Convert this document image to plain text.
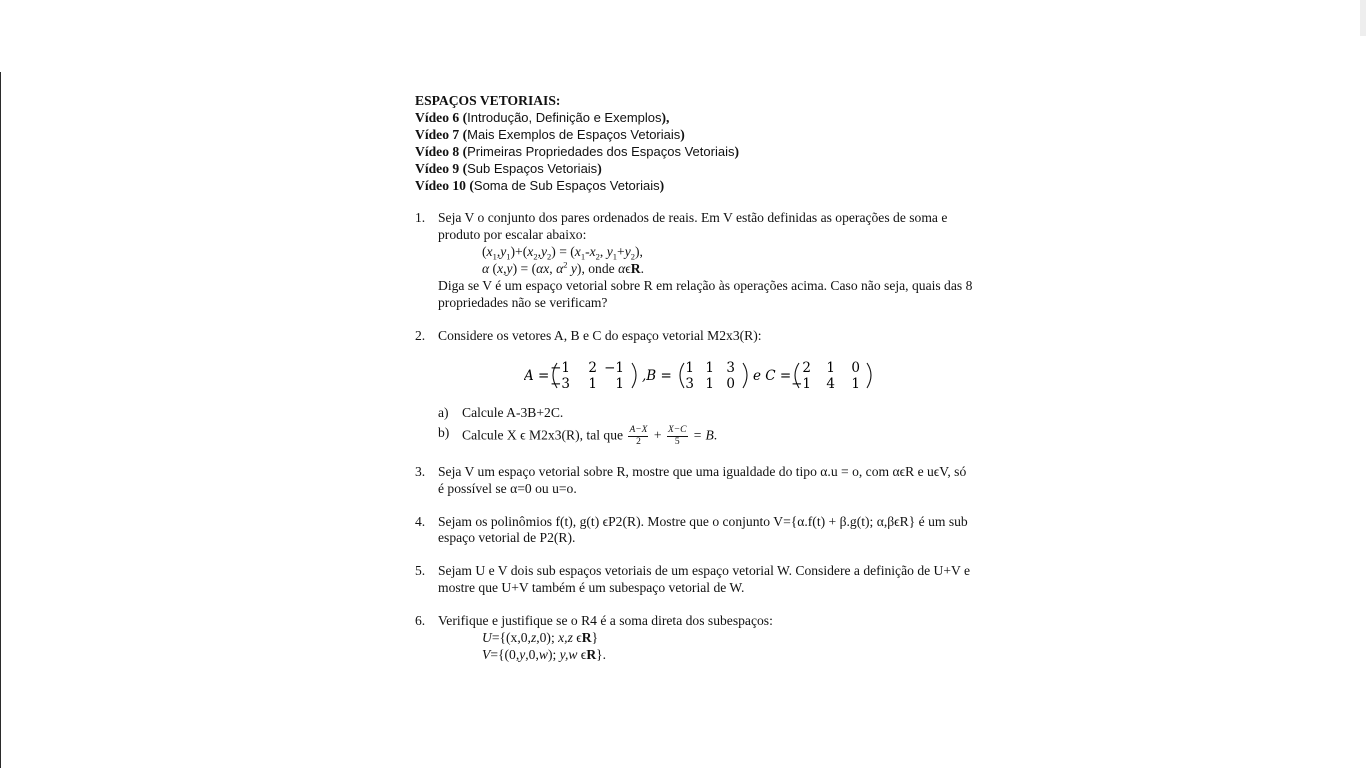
ESPAÇOS VETORIAIS:
Vídeo 6 (Introdução, Definição e Exemplos),
Vídeo 7 (Mais Exemplos de Espaços Vetoriais)
Vídeo 8 (Primeiras Propriedades dos Espaços Vetoriais)
Vídeo 9 (Sub Espaços Vetoriais)
Vídeo 10 (Soma de Sub Espaços Vetoriais)
1. Seja V o conjunto dos pares ordenados de reais. Em V estão definidas as operações de soma e produto por escalar abaixo:
$(x_1,y_1)+(x_2,y_2) = (x_1-x_2$, $y_1+y_2$),
α (x,y) = (αx, $\alpha^2$ y), onde αϵR.
Diga se V é um espaço vetorial sobre R em relação às operações acima. Caso não seja, quais das 8 propriedades não se verificam?
2. Considere os vetores A, B e C do espaço vetorial M2x3(R):
A = −1 2 −1
−3 1 1 ,B = 1 1 3
3 1 0 e C = 2 1 0
−1 4 1
a) Calcule A-3B+2C.
b) Calcule X ϵ M2x3(R), tal que $\frac{A-X}{2} + \frac{X-C}{5} = B$.
3. Seja V um espaço vetorial sobre R, mostre que uma igualdade do tipo α.u = o, com αϵR e uϵV, só é possível se α=0 ou u=o.
4. Sejam os polinômios f(t), g(t) ϵP2(R). Mostre que o conjunto V={α.f(t) + β.g(t); α,βϵR} é um sub espaço vetorial de P2(R).
5. Sejam U e V dois sub espaços vetoriais de um espaço vetorial W. Considere a definição de U+V e mostre que U+V também é um subespaço vetorial de W.
6. Verifique e justifique se o R4 é a soma direta dos subespaços:
U={(x,0,z,0); x,z ϵR}
V={(0,y,0,w); y,w ϵR}.
